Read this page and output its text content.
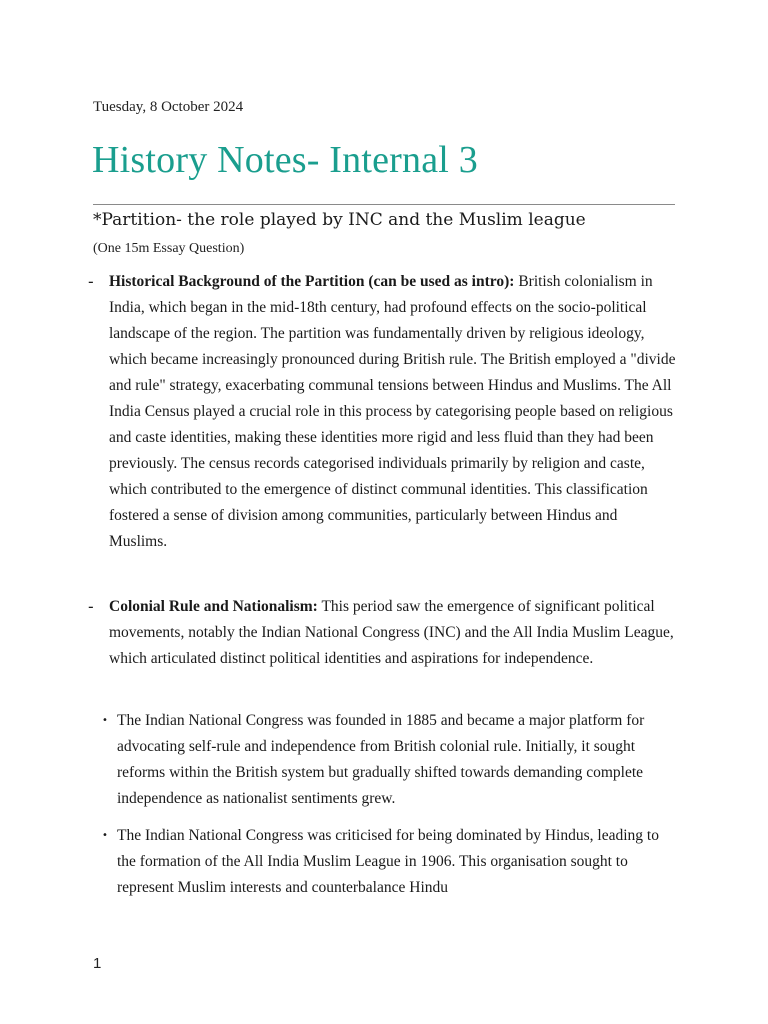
Tuesday, 8 October 2024
History Notes- Internal 3
*Partition- the role played by INC and the Muslim league
(One 15m Essay Question)
- Historical Background of the Partition (can be used as intro): British colonialism in India, which began in the mid-18th century, had profound effects on the socio-political landscape of the region. The partition was fundamentally driven by religious ideology, which became increasingly pronounced during British rule. The British employed a "divide and rule" strategy, exacerbating communal tensions between Hindus and Muslims. The All India Census played a crucial role in this process by categorising people based on religious and caste identities, making these identities more rigid and less fluid than they had been previously. The census records categorised individuals primarily by religion and caste, which contributed to the emergence of distinct communal identities. This classification fostered a sense of division among communities, particularly between Hindus and Muslims.
- Colonial Rule and Nationalism: This period saw the emergence of significant political movements, notably the Indian National Congress (INC) and the All India Muslim League, which articulated distinct political identities and aspirations for independence.
• The Indian National Congress was founded in 1885 and became a major platform for advocating self-rule and independence from British colonial rule. Initially, it sought reforms within the British system but gradually shifted towards demanding complete independence as nationalist sentiments grew.
• The Indian National Congress was criticised for being dominated by Hindus, leading to the formation of the All India Muslim League in 1906. This organisation sought to represent Muslim interests and counterbalance Hindu
1
